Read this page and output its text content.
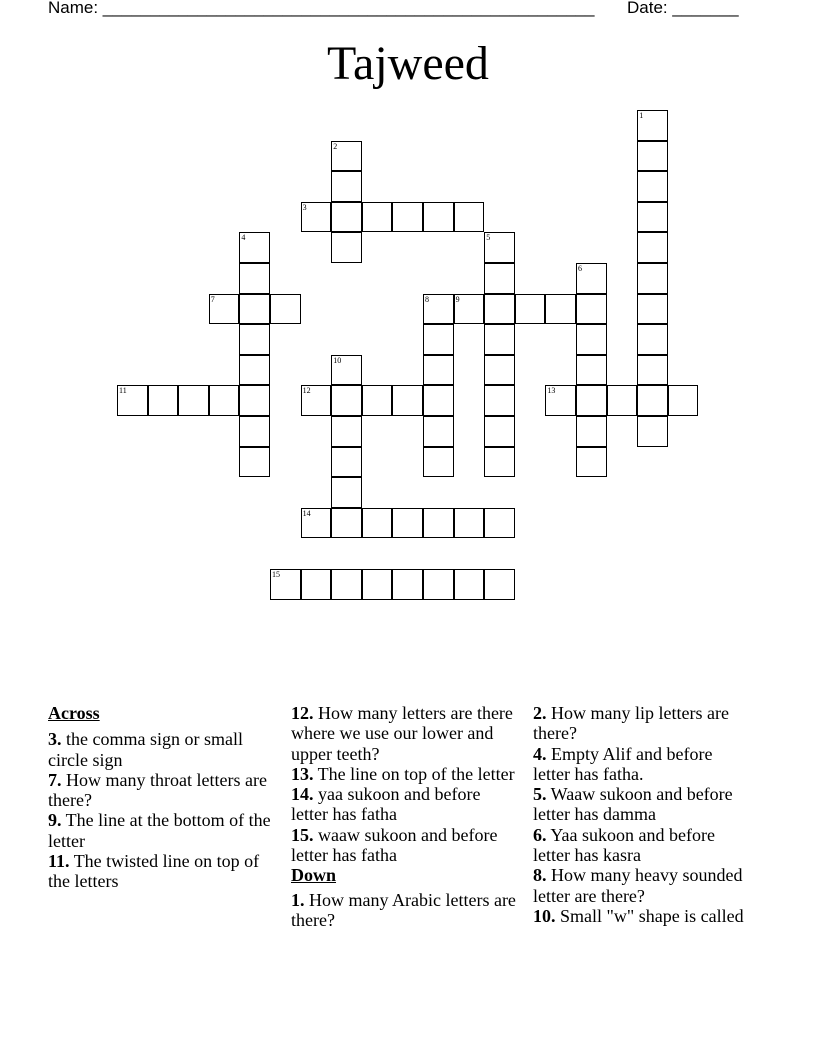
Name: ____________________________________________________ Date: _______
Tajweed
1
2
3
4	5
6
7	8	9
10
11	12	13
14
15

Across

3. the comma sign or small circle sign

7. How many throat letters are there?

9. The line at the bottom of the letter

11. The twisted line on top of the letters

12. How many letters are there where we use our lower and upper teeth?

13. The line on top of the letter

14. yaa sukoon and before letter has fatha

15. waaw sukoon and before letter has fatha

Down

1. How many Arabic letters are there?

2. How many lip letters are there?

4. Empty Alif and before letter has fatha.

5. Waaw sukoon and before letter has damma

6. Yaa sukoon and before letter has kasra

8. How many heavy sounded letter are there?

10. Small "w" shape is called
